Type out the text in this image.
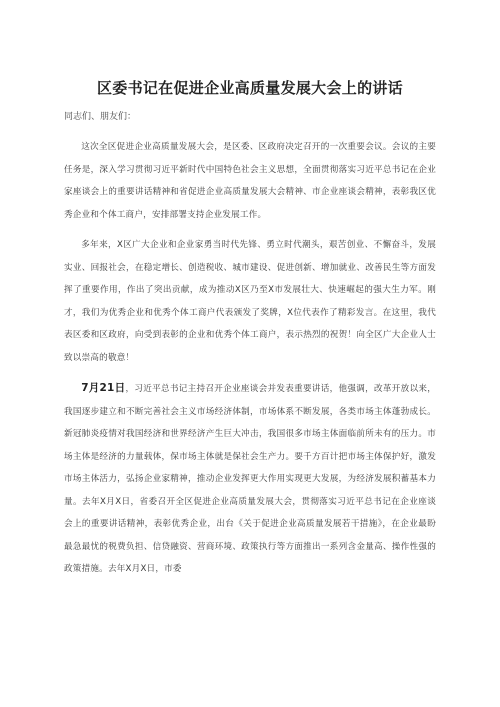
区委书记在促进企业高质量发展大会上的讲话
同志们、朋友们：

这次全区促进企业高质量发展大会，是区委、区政府决定召开的一次重要会议。会议的主要任务是，深入学习贯彻习近平新时代中国特色社会主义思想，全面贯彻落实习近平总书记在企业家座谈会上的重要讲话精神和省促进企业高质量发展大会精神、市企业座谈会精神，表彰我区优秀企业和个体工商户，安排部署支持企业发展工作。

多年来，X区广大企业和企业家勇当时代先锋、勇立时代潮头，艰苦创业、不懈奋斗，发展实业、回报社会，在稳定增长、创造税收、城市建设、促进创新、增加就业、改善民生等方面发挥了重要作用，作出了突出贡献，成为推动X区乃至X市发展壮大、快速崛起的强大生力军。刚才，我们为优秀企业和优秀个体工商户代表颁发了奖牌，X位代表作了精彩发言。在这里，我代表区委和区政府，向受到表彰的企业和优秀个体工商户，表示热烈的祝贺！向全区广大企业人士致以崇高的敬意！

7月21日，习近平总书记主持召开企业座谈会并发表重要讲话，他强调，改革开放以来，我国逐步建立和不断完善社会主义市场经济体制，市场体系不断发展，各类市场主体蓬勃成长。新冠肺炎疫情对我国经济和世界经济产生巨大冲击，我国很多市场主体面临前所未有的压力。市场主体是经济的力量载体，保市场主体就是保社会生产力。要千方百计把市场主体保护好，激发市场主体活力，弘扬企业家精神，推动企业发挥更大作用实现更大发展，为经济发展积蓄基本力量。去年X月X日，省委召开全区促进企业高质量发展大会，贯彻落实习近平总书记在企业座谈会上的重要讲话精神，表彰优秀企业，出台《关于促进企业高质量发展若干措施》，在企业最盼最急最忧的税费负担、信贷融资、营商环境、政策执行等方面推出一系列含金量高、操作性强的政策措施。去年X月X日，市委
